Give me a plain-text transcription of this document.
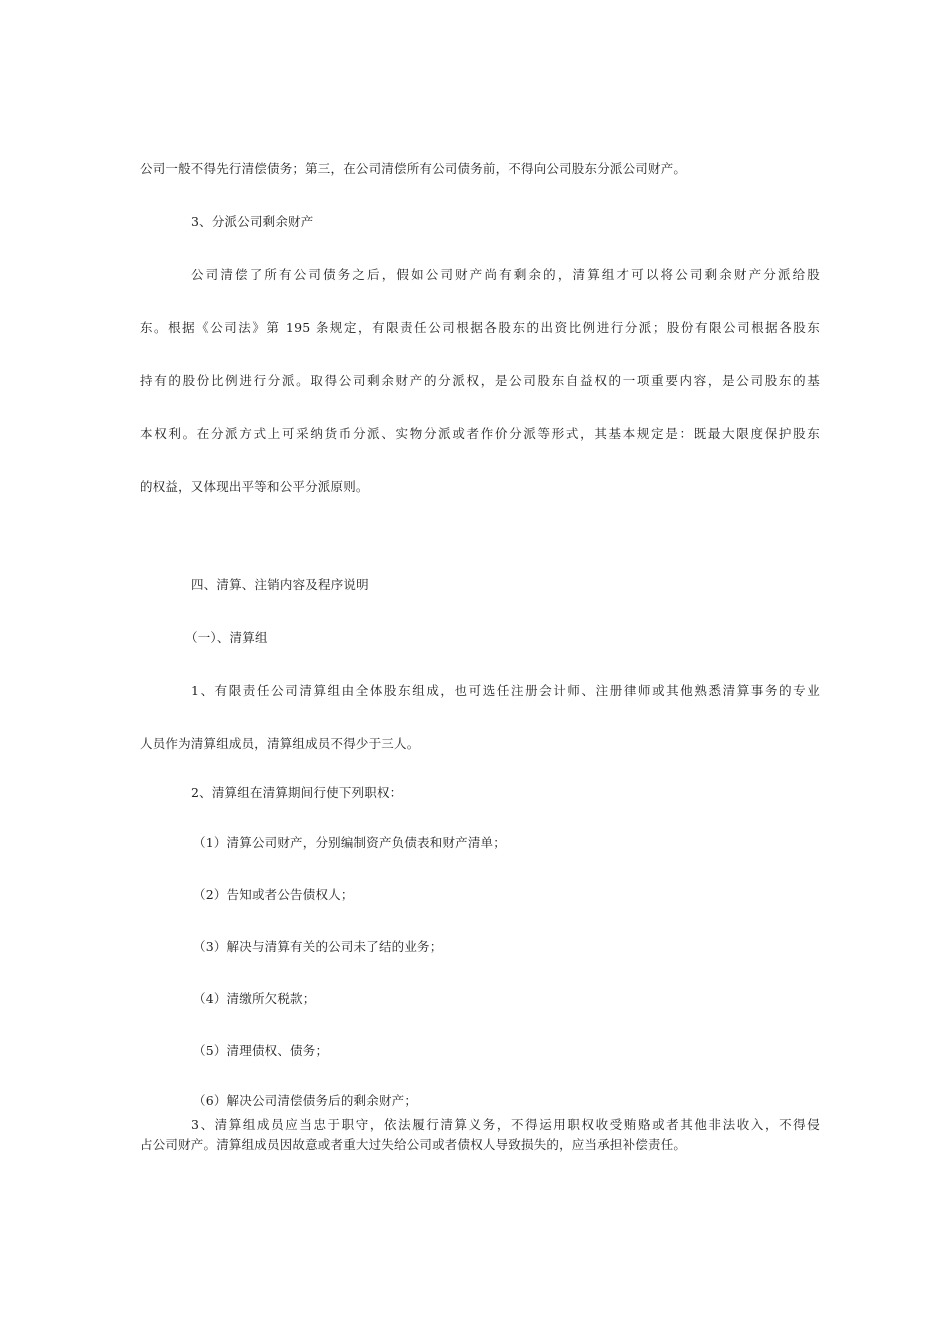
公司一般不得先行清偿债务；第三，在公司清偿所有公司债务前，不得向公司股东分派公司财产。
3、分派公司剩余财产
公司清偿了所有公司债务之后，假如公司财产尚有剩余的，清算组才可以将公司剩余财产分派给股
东。根据《公司法》第 195 条规定，有限责任公司根据各股东的出资比例进行分派；股份有限公司根据各股东
持有的股份比例进行分派。取得公司剩余财产的分派权，是公司股东自益权的一项重要内容，是公司股东的基
本权利。在分派方式上可采纳货币分派、实物分派或者作价分派等形式，其基本规定是：既最大限度保护股东
的权益，又体现出平等和公平分派原则。
四、清算、注销内容及程序说明
（一）、清算组
1、有限责任公司清算组由全体股东组成，也可选任注册会计师、注册律师或其他熟悉清算事务的专业
人员作为清算组成员，清算组成员不得少于三人。
2、清算组在清算期间行使下列职权：
（1）清算公司财产，分别编制资产负债表和财产清单；
（2）告知或者公告债权人；
（3）解决与清算有关的公司未了结的业务；
（4）清缴所欠税款；
（5）清理债权、债务；
（6）解决公司清偿债务后的剩余财产；
3、清算组成员应当忠于职守，依法履行清算义务，不得运用职权收受贿赂或者其他非法收入，不得侵
占公司财产。清算组成员因故意或者重大过失给公司或者债权人导致损失的，应当承担补偿责任。
